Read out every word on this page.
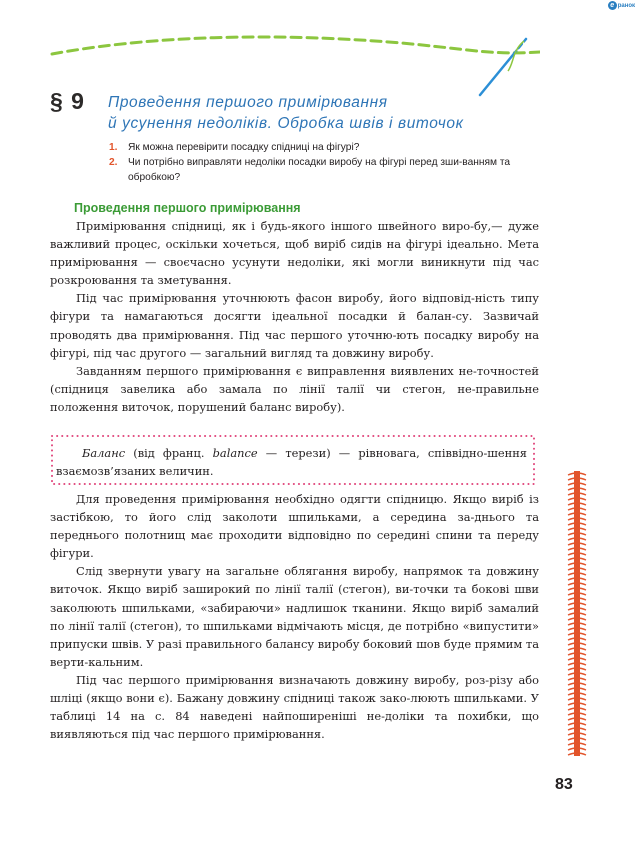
e ранок
§ 9 Проведення першого примірювання
й усунення недоліків. Обробка швів і виточок
1. Як можна перевірити посадку спідниці на фігурі?
2. Чи потрібно виправляти недоліки посадки виробу на фігурі перед зши-ванням та обробкою?
Проведення першого примірювання

Примірювання спідниці, як і будь-якого іншого швейного виро-бу,— дуже важливий процес, оскільки хочеться, щоб виріб сидів на фігурі ідеально. Мета примірювання — своєчасно усунути недоліки, які могли виникнути під час розкроювання та зметування.

Під час примірювання уточнюють фасон виробу, його відповід-ність типу фігури та намагаються досягти ідеальної посадки й балан-су. Зазвичай проводять два примірювання. Під час першого уточню-ють посадку виробу на фігурі, під час другого — загальний вигляд та довжину виробу.

Завданням першого примірювання є виправлення виявлених не-точностей (спідниця завелика або замала по лінії талії чи стегон, не-правильне положення виточок, порушений баланс виробу).

Баланс (від франц. balance — терези) — рівновага, співвідно-шення взаємозв’язаних величин.

Для проведення примірювання необхідно одягти спідницю. Якщо виріб із застібкою, то його слід заколоти шпильками, а середина за-днього та переднього полотнищ має проходити відповідно по середині спини та переду фігури.

Слід звернути увагу на загальне облягання виробу, напрямок та довжину виточок. Якщо виріб заширокий по лінії талії (стегон), ви-точки та бокові шви заколюють шпильками, «забираючи» надлишок тканини. Якщо виріб замалий по лінії талії (стегон), то шпильками відмічають місця, де потрібно «випустити» припуски швів. У разі правильного балансу виробу боковий шов буде прямим та верти-кальним.

Під час першого примірювання визначають довжину виробу, роз-різу або шліці (якщо вони є). Бажану довжину спідниці також зако-люють шпильками. У таблиці 14 на с. 84 наведені найпоширеніші не-доліки та похибки, що виявляються під час першого примірювання.

83
